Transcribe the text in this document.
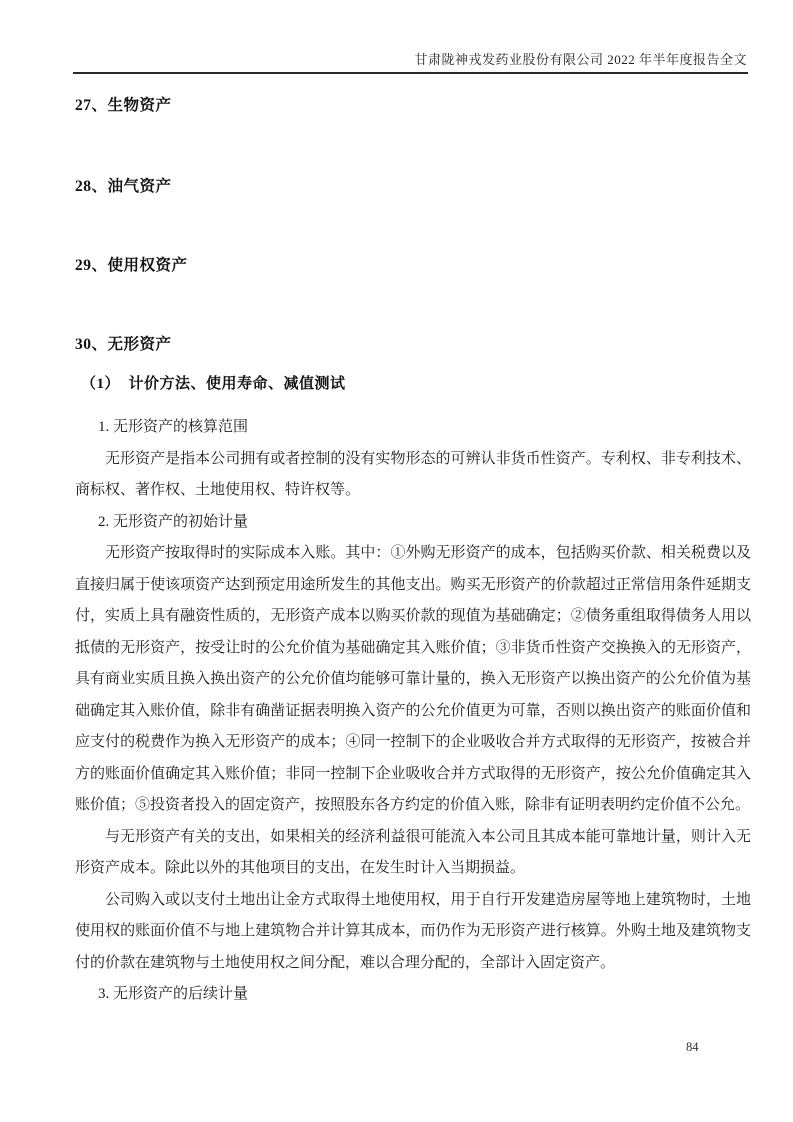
甘肃陇神戎发药业股份有限公司 2022 年半年度报告全文
27、生物资产
28、油气资产
29、使用权资产
30、无形资产
（1）  计价方法、使用寿命、减值测试
1. 无形资产的核算范围

无形资产是指本公司拥有或者控制的没有实物形态的可辨认非货币性资产。专利权、非专利技术、商标权、著作权、土地使用权、特许权等。

2. 无形资产的初始计量

无形资产按取得时的实际成本入账。其中：①外购无形资产的成本，包括购买价款、相关税费以及直接归属于使该项资产达到预定用途所发生的其他支出。购买无形资产的价款超过正常信用条件延期支付，实质上具有融资性质的，无形资产成本以购买价款的现值为基础确定；②债务重组取得债务人用以抵债的无形资产，按受让时的公允价值为基础确定其入账价值；③非货币性资产交换换入的无形资产，具有商业实质且换入换出资产的公允价值均能够可靠计量的，换入无形资产以换出资产的公允价值为基础确定其入账价值，除非有确凿证据表明换入资产的公允价值更为可靠，否则以换出资产的账面价值和应支付的税费作为换入无形资产的成本；④同一控制下的企业吸收合并方式取得的无形资产，按被合并方的账面价值确定其入账价值；非同一控制下企业吸收合并方式取得的无形资产，按公允价值确定其入账价值；⑤投资者投入的固定资产，按照股东各方约定的价值入账，除非有证明表明约定价值不公允。

与无形资产有关的支出，如果相关的经济利益很可能流入本公司且其成本能可靠地计量，则计入无形资产成本。除此以外的其他项目的支出，在发生时计入当期损益。

公司购入或以支付土地出让金方式取得土地使用权，用于自行开发建造房屋等地上建筑物时，土地使用权的账面价值不与地上建筑物合并计算其成本，而仍作为无形资产进行核算。外购土地及建筑物支付的价款在建筑物与土地使用权之间分配，难以合理分配的，全部计入固定资产。

3. 无形资产的后续计量
84
